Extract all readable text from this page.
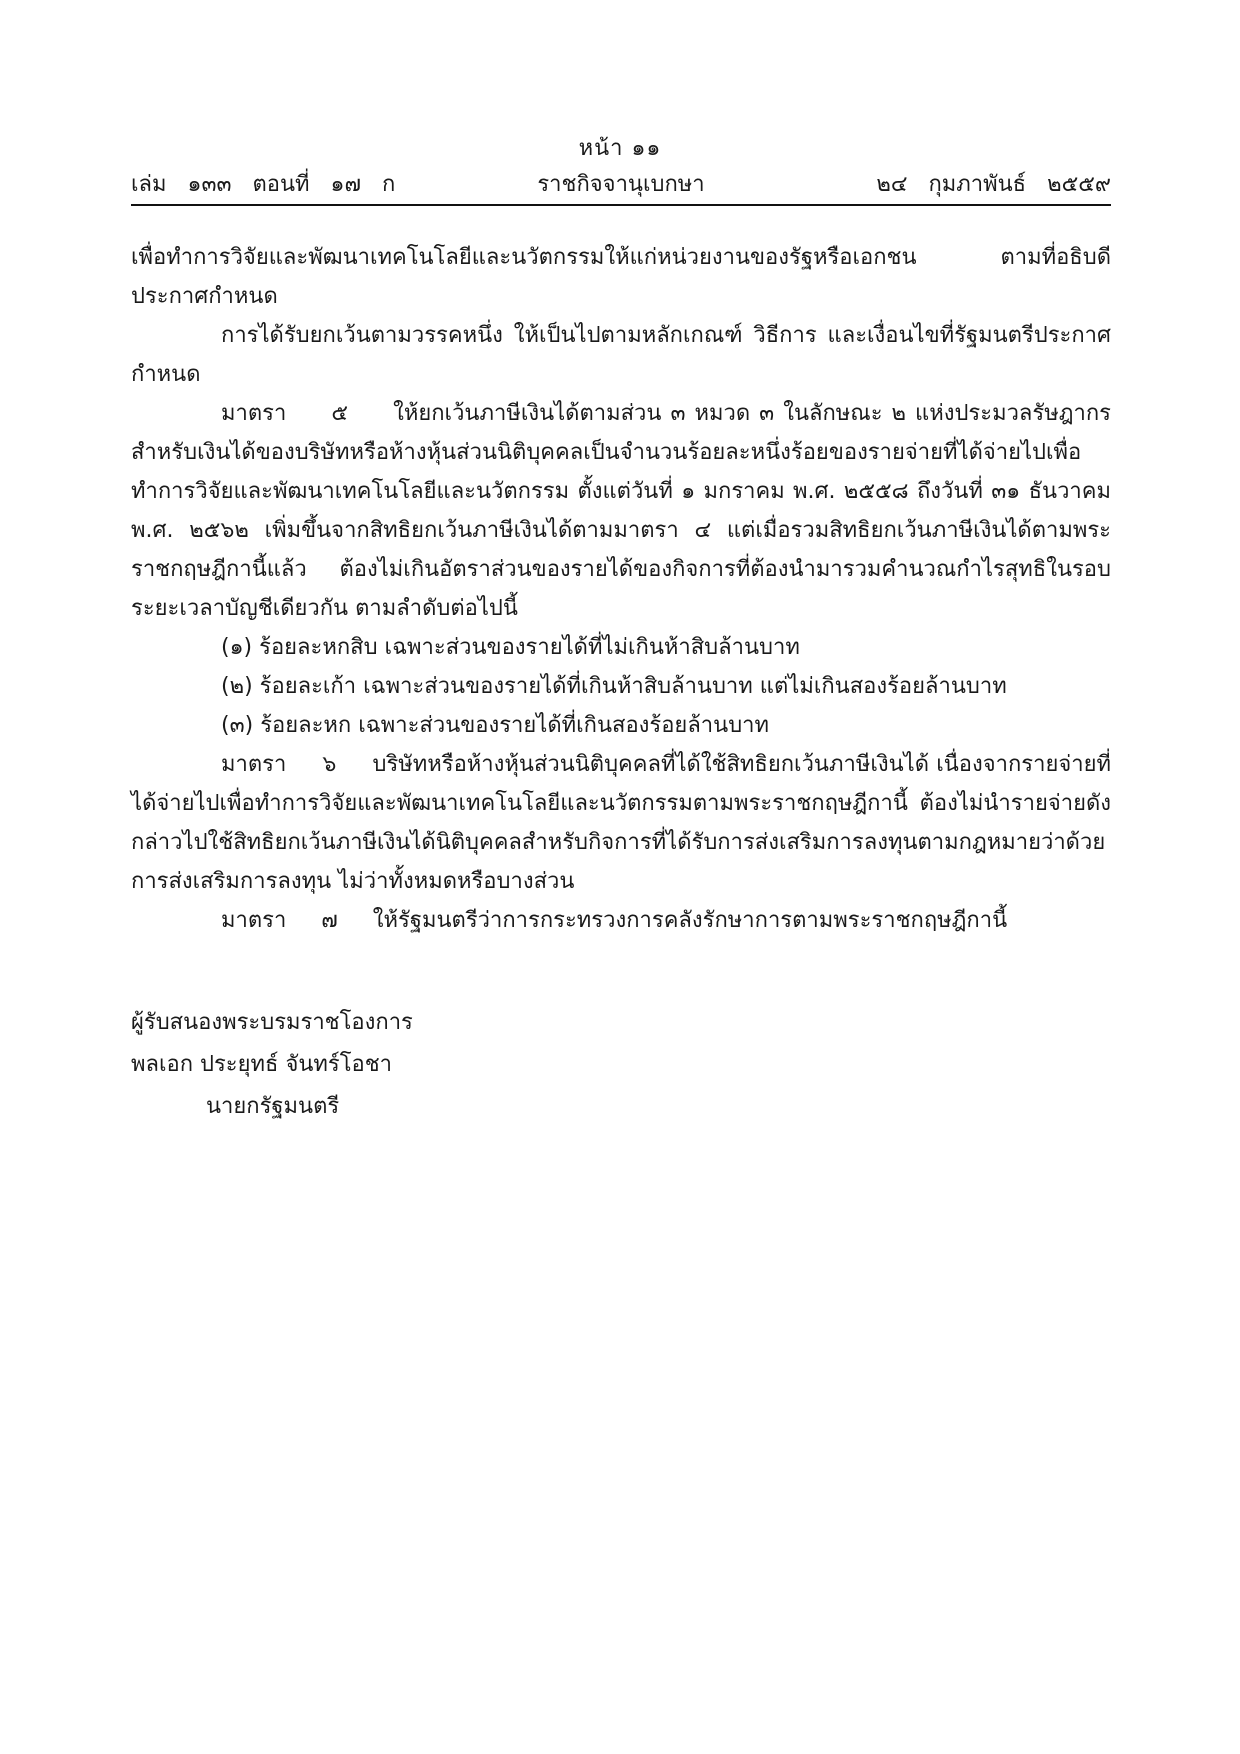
หน้า ๑๑
ราชกิจจานุเบกษา
เล่ม   ๑๓๓   ตอนที่   ๑๗   ก	๒๔   กุมภาพันธ์   ๒๕๕๙

เพื่อทำการวิจัยและพัฒนาเทคโนโลยีและนวัตกรรมให้แก่หน่วยงานของรัฐหรือเอกชน ตามที่อธิบดีประกาศกำหนด

การได้รับยกเว้นตามวรรคหนึ่ง ให้เป็นไปตามหลักเกณฑ์ วิธีการ และเงื่อนไขที่รัฐมนตรีประกาศกำหนด

มาตรา     ๕     ให้ยกเว้นภาษีเงินได้ตามส่วน ๓ หมวด ๓ ในลักษณะ ๒ แห่งประมวลรัษฎากร สำหรับเงินได้ของบริษัทหรือห้างหุ้นส่วนนิติบุคคลเป็นจำนวนร้อยละหนึ่งร้อยของรายจ่ายที่ได้จ่ายไปเพื่อทำการวิจัยและพัฒนาเทคโนโลยีและนวัตกรรม ตั้งแต่วันที่ ๑ มกราคม พ.ศ. ๒๕๕๘ ถึงวันที่ ๓๑ ธันวาคม พ.ศ. ๒๕๖๒ เพิ่มขึ้นจากสิทธิยกเว้นภาษีเงินได้ตามมาตรา ๔ แต่เมื่อรวมสิทธิยกเว้นภาษีเงินได้ตามพระราชกฤษฎีกานี้แล้ว ต้องไม่เกินอัตราส่วนของรายได้ของกิจการที่ต้องนำมารวมคำนวณกำไรสุทธิในรอบระยะเวลาบัญชีเดียวกัน ตามลำดับต่อไปนี้

(๑) ร้อยละหกสิบ เฉพาะส่วนของรายได้ที่ไม่เกินห้าสิบล้านบาท

(๒) ร้อยละเก้า เฉพาะส่วนของรายได้ที่เกินห้าสิบล้านบาท แต่ไม่เกินสองร้อยล้านบาท

(๓) ร้อยละหก เฉพาะส่วนของรายได้ที่เกินสองร้อยล้านบาท

มาตรา     ๖     บริษัทหรือห้างหุ้นส่วนนิติบุคคลที่ได้ใช้สิทธิยกเว้นภาษีเงินได้ เนื่องจากรายจ่ายที่ได้จ่ายไปเพื่อทำการวิจัยและพัฒนาเทคโนโลยีและนวัตกรรมตามพระราชกฤษฎีกานี้ ต้องไม่นำรายจ่ายดังกล่าวไปใช้สิทธิยกเว้นภาษีเงินได้นิติบุคคลสำหรับกิจการที่ได้รับการส่งเสริมการลงทุนตามกฎหมายว่าด้วยการส่งเสริมการลงทุน ไม่ว่าทั้งหมดหรือบางส่วน

มาตรา     ๗     ให้รัฐมนตรีว่าการกระทรวงการคลังรักษาการตามพระราชกฤษฎีกานี้

ผู้รับสนองพระบรมราชโองการ
พลเอก ประยุทธ์ จันทร์โอชา
นายกรัฐมนตรี
